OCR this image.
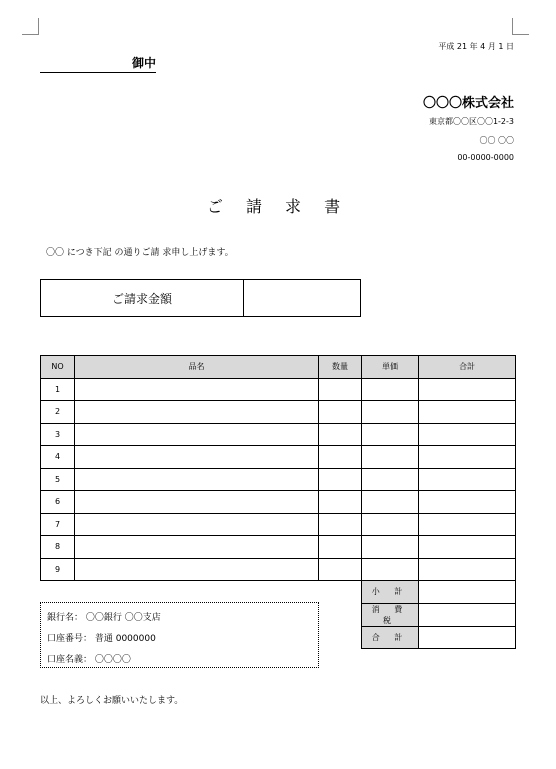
平成 21 年 4 月 1 日
御中
〇〇〇株式会社
東京都〇〇区〇〇1-2-3
〇〇 〇〇
00-0000-0000
ご 請 求 書
〇〇 につき下記 の通りご請 求申し上げます。
ご請求金額
NO	品名	数量	単価	合計
1				
2				
3				
4				
5				
6				
7				
8				
9				
小 計	
消 費 税	
合 計	
銀行名： 〇〇銀行 〇〇支店
口座番号： 普通 0000000
口座名義： 〇〇〇〇
以上、よろしくお願いいたします。
